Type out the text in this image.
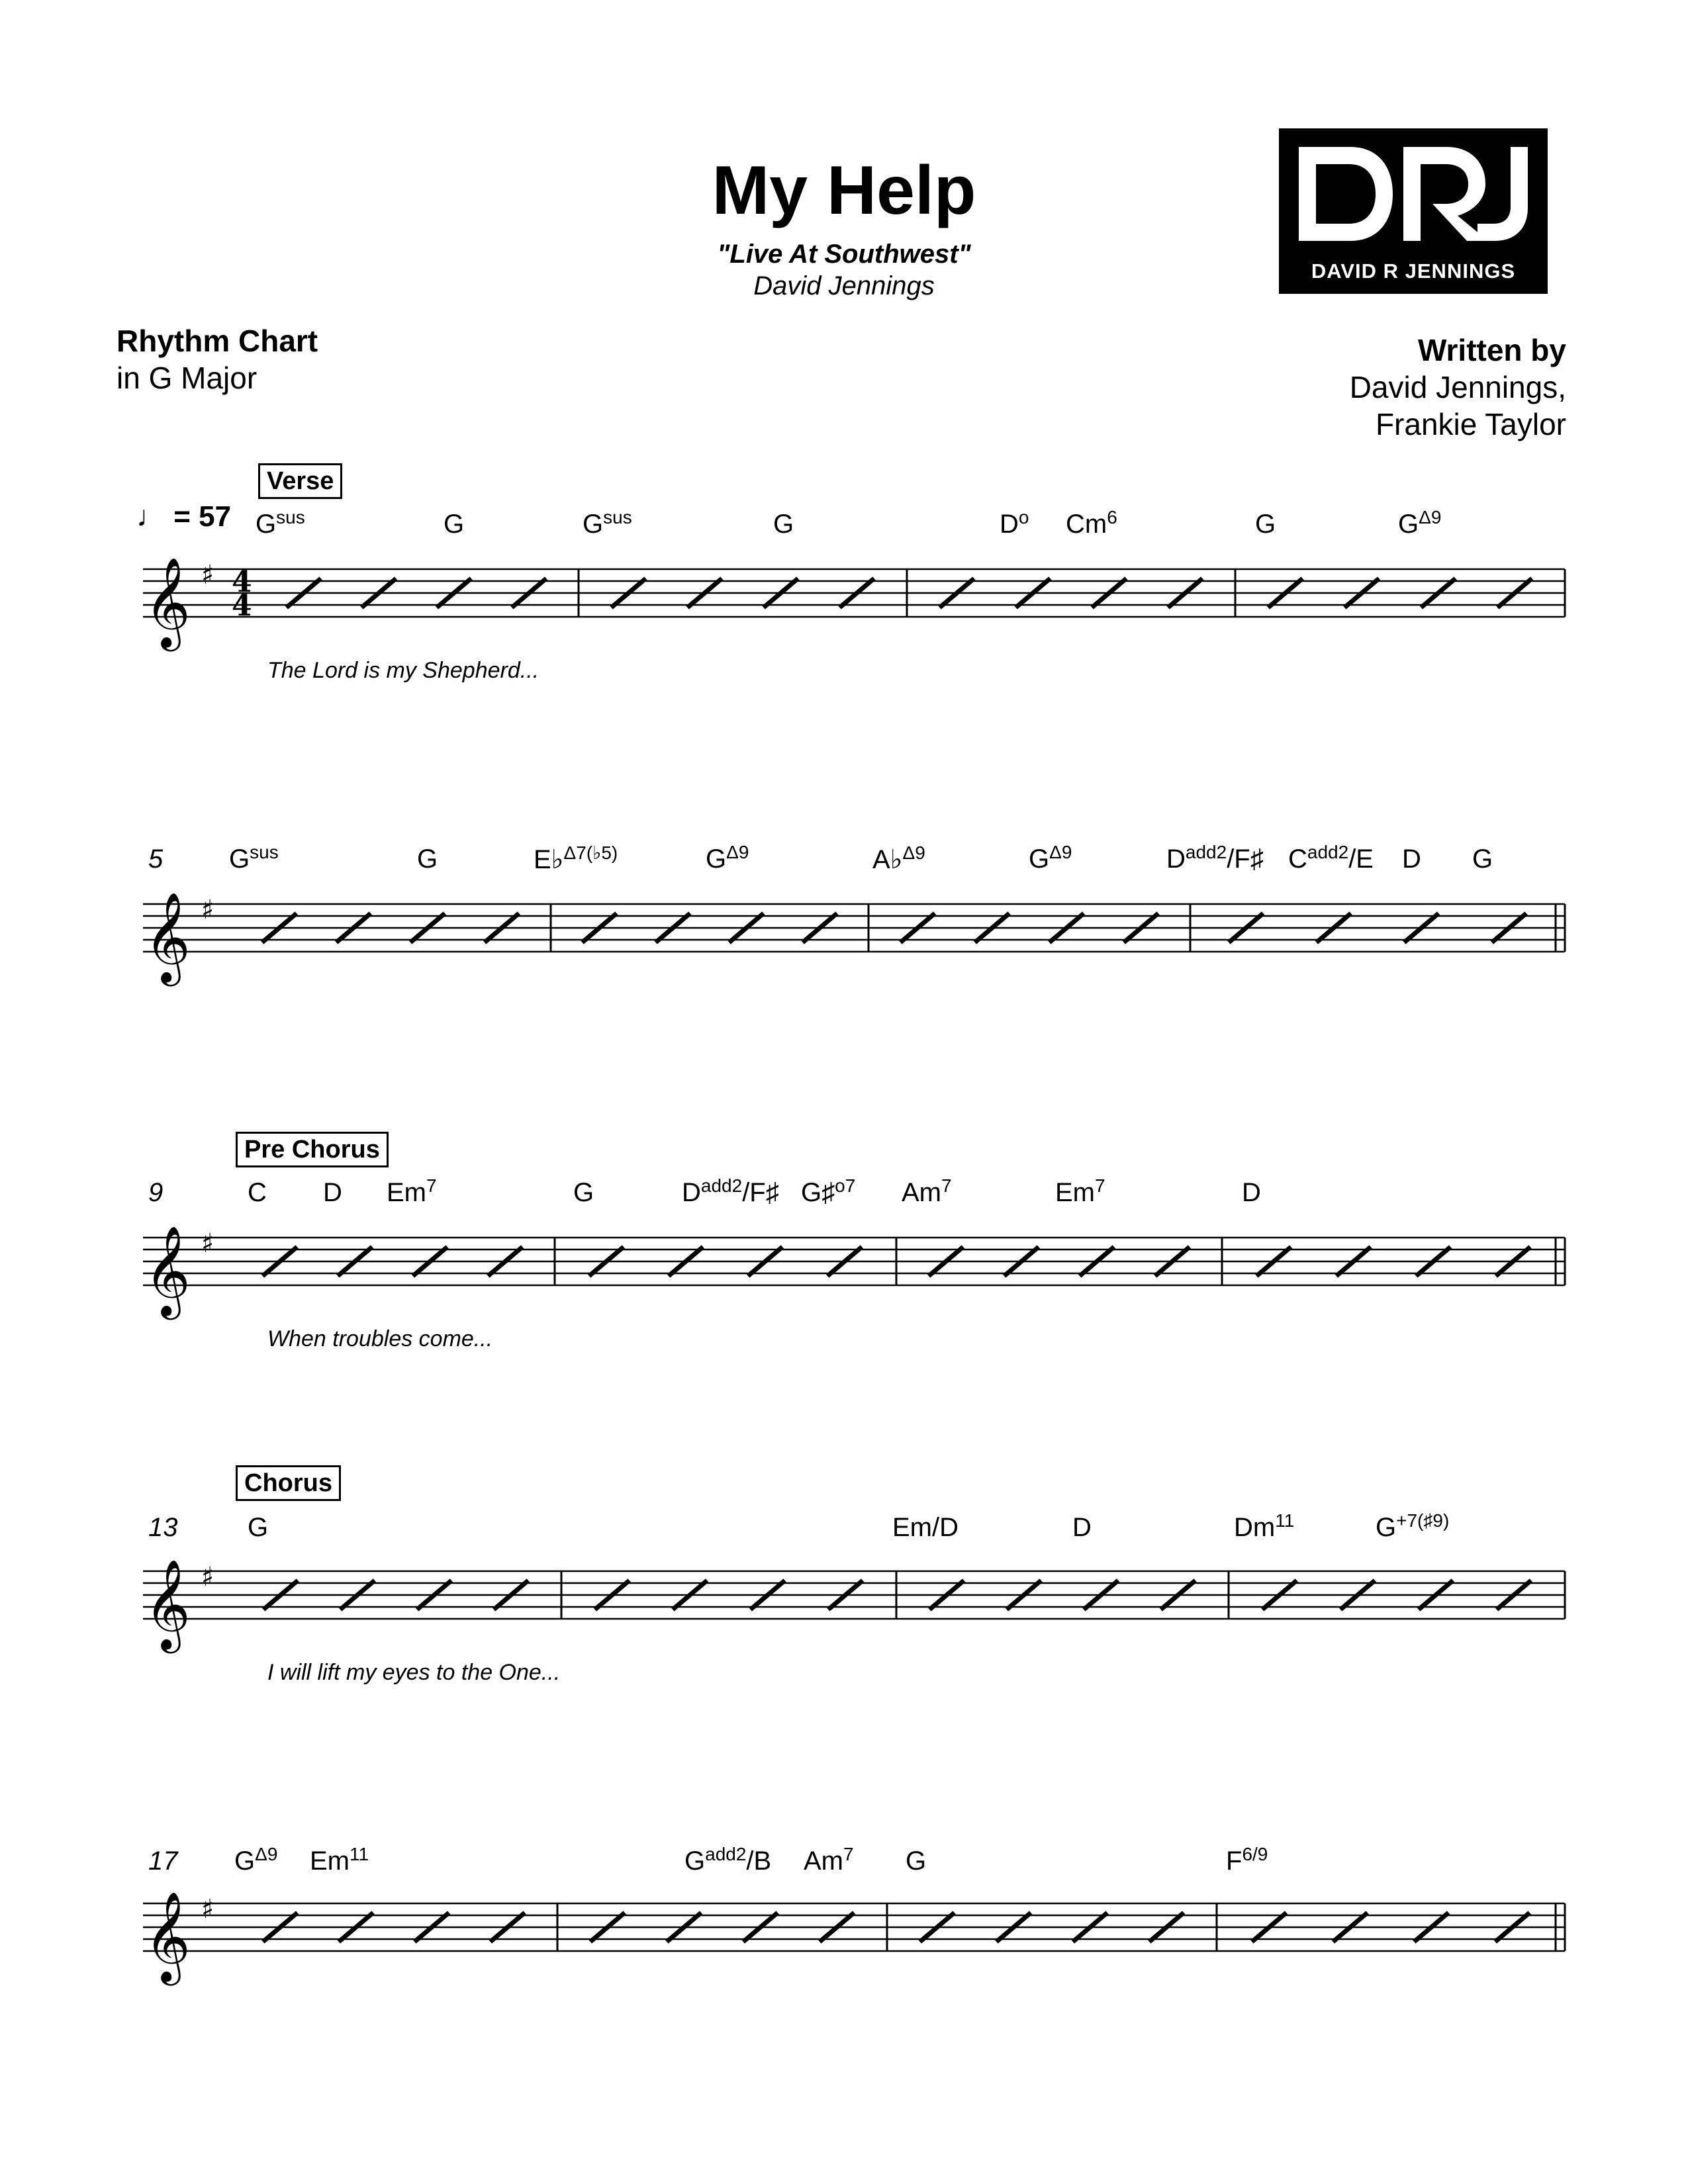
My Help
"Live At Southwest"
David Jennings
Rhythm Chart
in G Major
Written by
David Jennings,
Frankie Taylor
DAVID R JENNINGS
♩ = 57
𝄞 ♯ 4
4
𝄞 ♯
𝄞 ♯
𝄞 ♯
𝄞 ♯
Verse
The Lord is my Shepherd...
$G^{sus}$	G	$G^{sus}$	G	$D^o$ Cm$^6$	G	$G^{\Delta 9}$
5 $G^{sus}$	G	E♭$^{\Delta 7(♭5)}$	$G^{\Delta 9}$	A♭$^{\Delta 9}$	$G^{\Delta 9}$	$D^{add2}/F♯$ $C^{add2}/E$ D G
9
Pre Chorus
When troubles come...
C D Em$^7$	G	$D^{add2}/F♯$ G♯$^{o7}$ Am$^7$	Em$^7$	D
13
Chorus
I will lift my eyes to the One...
G	Em/D	D	Dm$^{11}$	$G^{+7(♯9)}$
17 $G^{\Delta 9}$ Em$^{11}$	$G^{add2}/B$ Am$^7$ G	$F^{6/9}$
